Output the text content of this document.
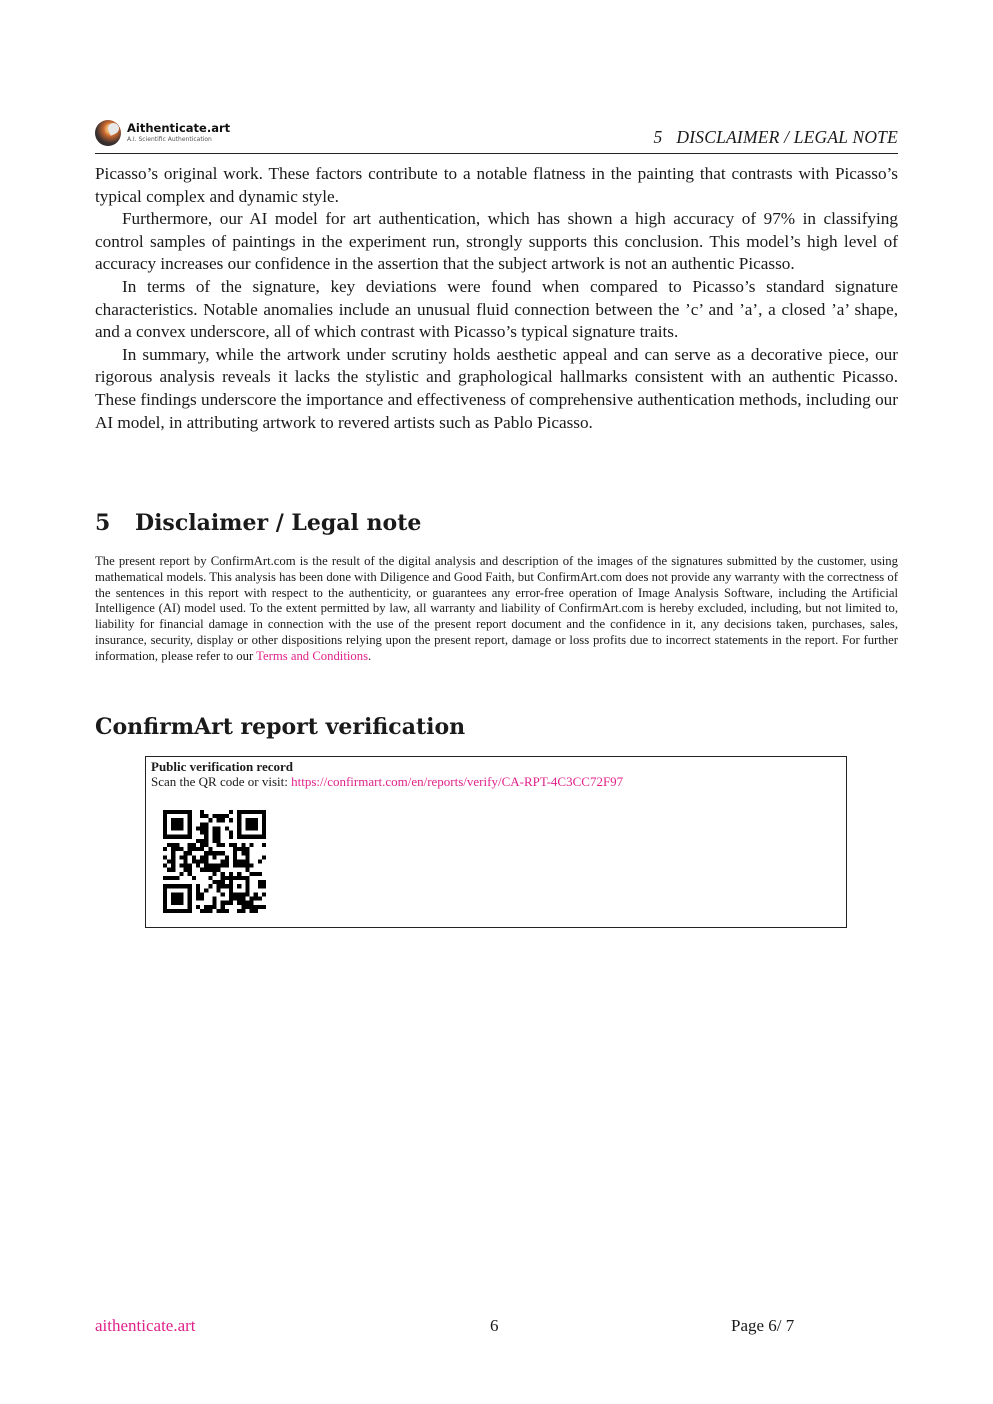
Aithenticate.art
A.I. Scientific Authentication	5 DISCLAIMER / LEGAL NOTE

Picasso’s original work. These factors contribute to a notable flatness in the painting that contrasts with Picasso’s typical complex and dynamic style.

Furthermore, our AI model for art authentication, which has shown a high accuracy of 97% in classifying control samples of paintings in the experiment run, strongly supports this conclusion. This model’s high level of accuracy increases our confidence in the assertion that the subject artwork is not an authentic Picasso.

In terms of the signature, key deviations were found when compared to Picasso’s standard signature characteristics. Notable anomalies include an unusual fluid connection between the ’c’ and ’a’, a closed ’a’ shape, and a convex underscore, all of which contrast with Picasso’s typical signature traits.

In summary, while the artwork under scrutiny holds aesthetic appeal and can serve as a decorative piece, our rigorous analysis reveals it lacks the stylistic and graphological hallmarks consistent with an authentic Picasso. These findings underscore the importance and effectiveness of comprehensive authentication methods, including our AI model, in attributing artwork to revered artists such as Pablo Picasso.

5 Disclaimer / Legal note
The present report by ConfirmArt.com is the result of the digital analysis and description of the images of the signatures submitted by the customer, using mathematical models. This analysis has been done with Diligence and Good Faith, but ConfirmArt.com does not provide any warranty with the correctness of the sentences in this report with respect to the authenticity, or guarantees any error-free operation of Image Analysis Software, including the Artificial Intelligence (AI) model used. To the extent permitted by law, all warranty and liability of ConfirmArt.com is hereby excluded, including, but not limited to, liability for financial damage in connection with the use of the present report document and the confidence in it, any decisions taken, purchases, sales, insurance, security, display or other dispositions relying upon the present report, damage or loss profits due to incorrect statements in the report. For further information, please refer to our Terms and Conditions.
ConfirmArt report verification
Public verification record
Scan the QR code or visit: https://confirmart.com/en/reports/verify/CA-RPT-4C3CC72F97
aithenticate.art	6	Page 6/ 7
